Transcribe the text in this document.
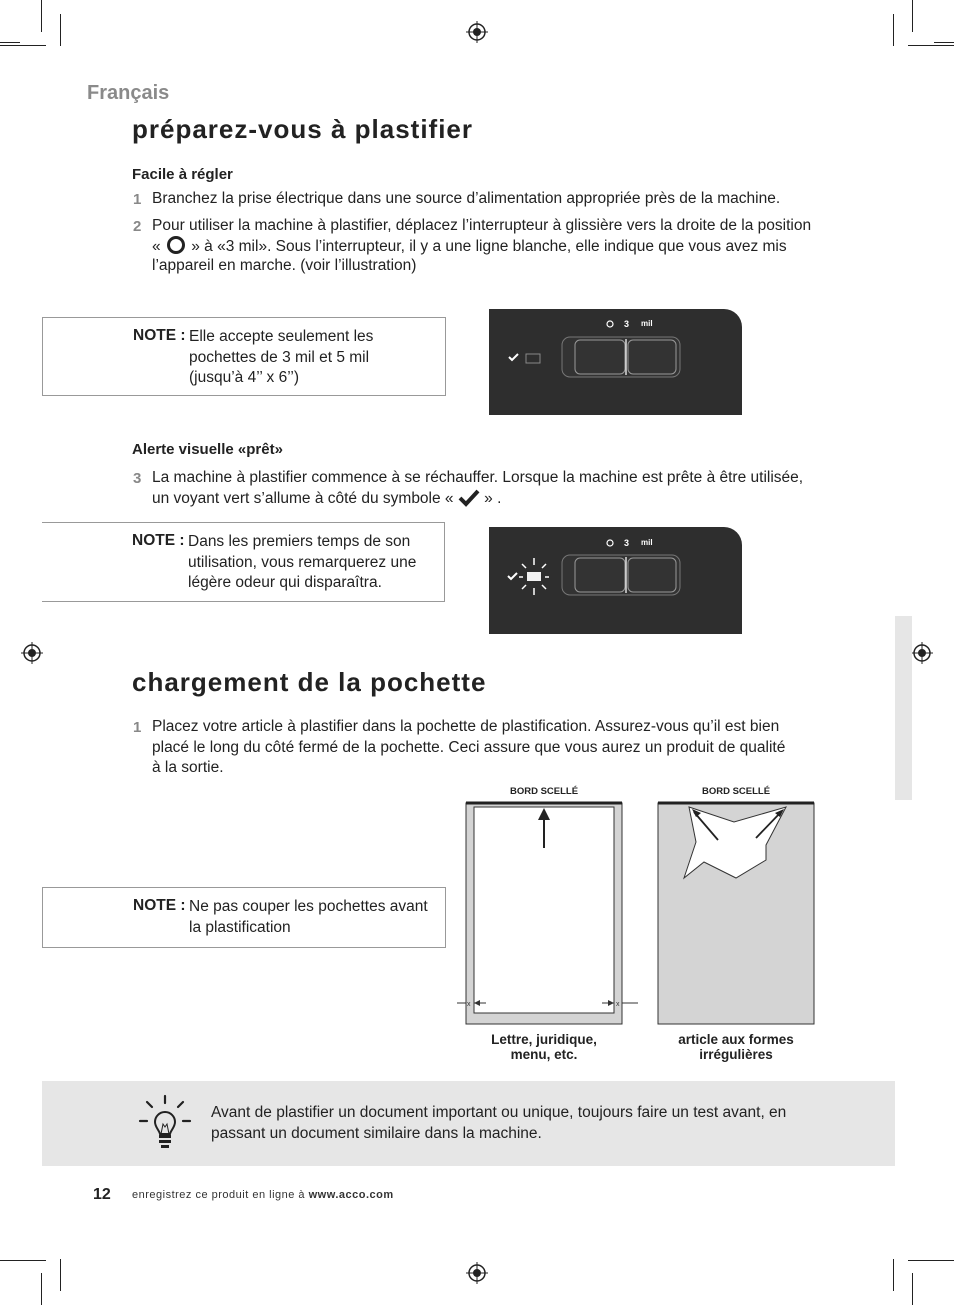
Français
préparez-vous à plastifier
Facile à régler
1 Branchez la prise électrique dans une source d’alimentation appropriée près de la machine.
2 Pour utiliser la machine à plastifier, déplacez l’interrupteur à glissière vers la droite de la position
« » à «3 mil». Sous l’interrupteur, il y a une ligne blanche, elle indique que vous avez mis
l’appareil en marche. (voir l’illustration)
NOTE : Elle accepte seulement les
pochettes de 3 mil et 5 mil
(jusqu’à 4’’ x 6’’)
3 mil
Alerte visuelle «prêt»
3 La machine à plastifier commence à se réchauffer. Lorsque la machine est prête à être utilisée,
un voyant vert s’allume à côté du symbole « » .
NOTE : Dans les premiers temps de son
utilisation, vous remarquerez une
légère odeur qui disparaîtra.
3 mil
chargement de la pochette
1 Placez votre article à plastifier dans la pochette de plastification. Assurez-vous qu’il est bien
placé le long du côté fermé de la pochette. Ceci assure que vous aurez un produit de qualité
à la sortie.
NOTE : Ne pas couper les pochettes avant
la plastification
BORD SCELLÉ
x	x
Lettre, juridique,
menu, etc.
BORD SCELLÉ
article aux formes
irrégulières
Avant de plastifier un document important ou unique, toujours faire un test avant, en
passant un document similaire dans la machine.
12 enregistrez ce produit en ligne à www.acco.com
